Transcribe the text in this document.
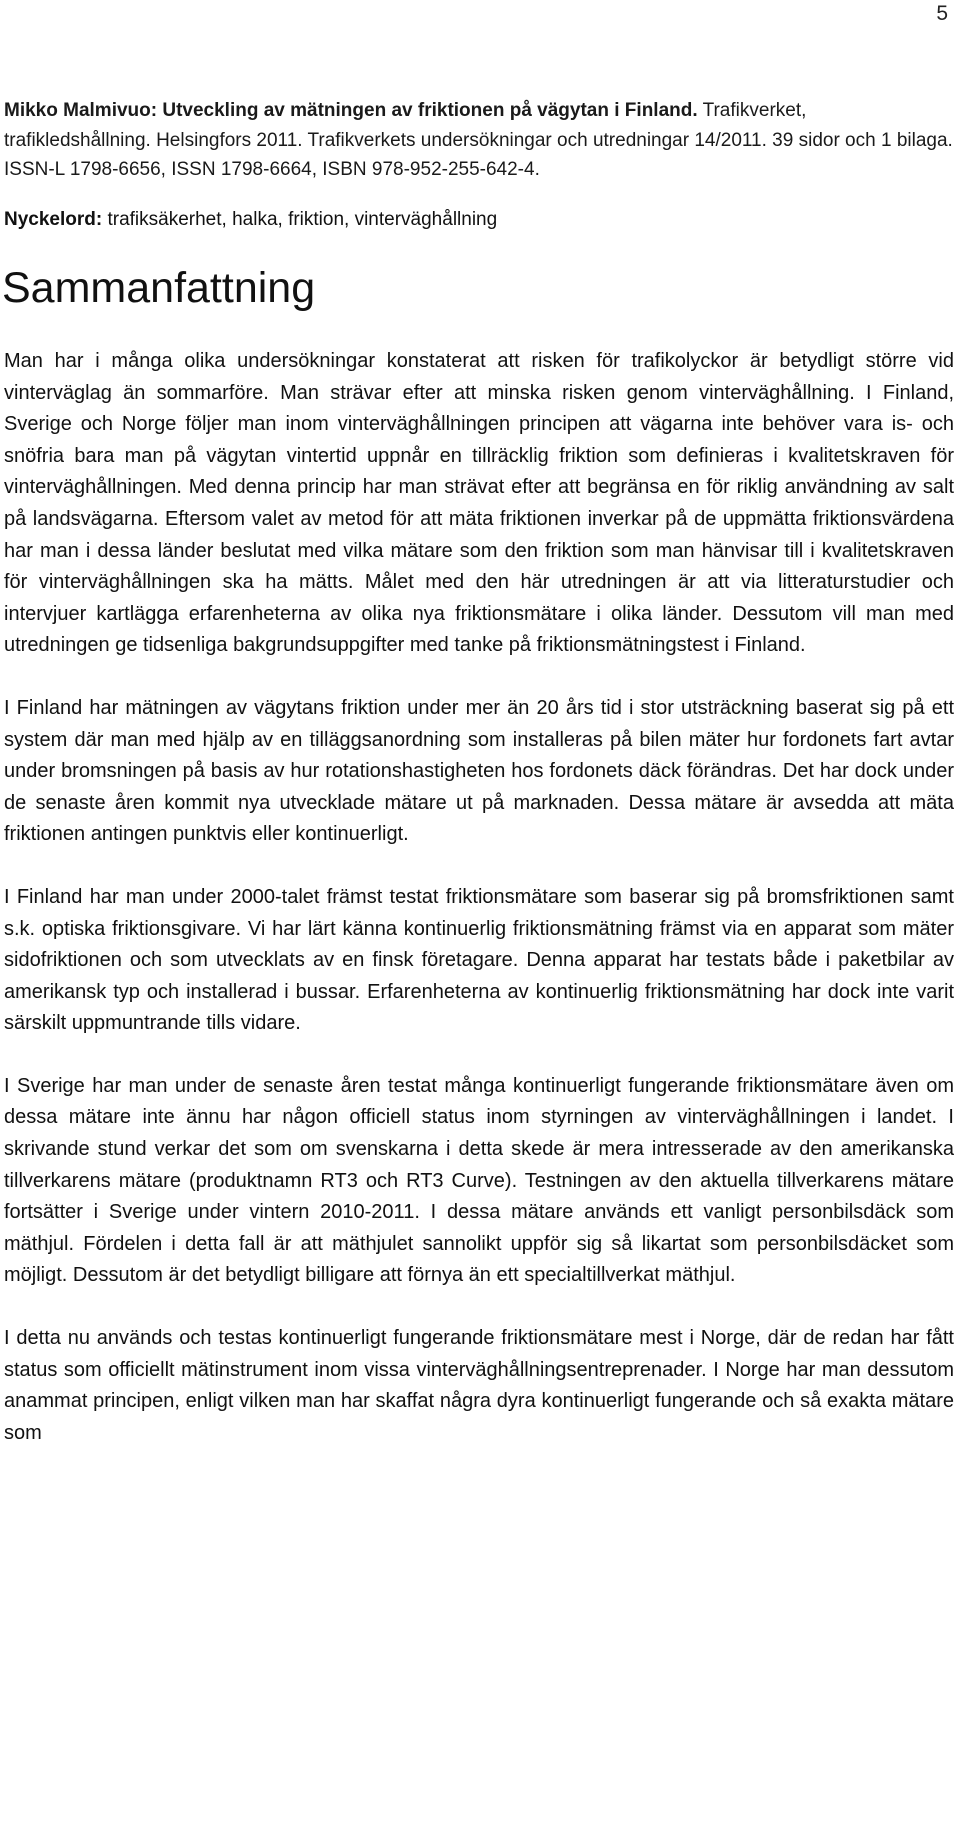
5
Mikko Malmivuo: Utveckling av mätningen av friktionen på vägytan i Finland. Trafikverket, trafikledshållning. Helsingfors 2011. Trafikverkets undersökningar och utredningar 14/2011. 39 sidor och 1 bilaga. ISSN-L 1798-6656, ISSN 1798-6664, ISBN 978-952-255-642-4.
Nyckelord: trafiksäkerhet, halka, friktion, vinterväghållning
Sammanfattning

Man har i många olika undersökningar konstaterat att risken för trafikolyckor är betydligt större vid vinterväglag än sommarföre. Man strävar efter att minska risken genom vinterväghållning. I Finland, Sverige och Norge följer man inom vinterväghållningen principen att vägarna inte behöver vara is- och snöfria bara man på vägytan vintertid uppnår en tillräcklig friktion som definieras i kvalitetskraven för vinterväghållningen. Med denna princip har man strävat efter att begränsa en för riklig användning av salt på landsvägarna. Eftersom valet av metod för att mäta friktionen inverkar på de uppmätta friktionsvärdena har man i dessa länder beslutat med vilka mätare som den friktion som man hänvisar till i kvalitetskraven för vinterväghållningen ska ha mätts. Målet med den här utredningen är att via litteraturstudier och intervjuer kartlägga erfarenheterna av olika nya friktionsmätare i olika länder. Dessutom vill man med utredningen ge tidsenliga bakgrundsuppgifter med tanke på friktionsmätningstest i Finland.

I Finland har mätningen av vägytans friktion under mer än 20 års tid i stor utsträckning baserat sig på ett system där man med hjälp av en tilläggsanordning som installeras på bilen mäter hur fordonets fart avtar under bromsningen på basis av hur rotationshastigheten hos fordonets däck förändras. Det har dock under de senaste åren kommit nya utvecklade mätare ut på marknaden. Dessa mätare är avsedda att mäta friktionen antingen punktvis eller kontinuerligt.

I Finland har man under 2000-talet främst testat friktionsmätare som baserar sig på bromsfriktionen samt s.k. optiska friktionsgivare. Vi har lärt känna kontinuerlig friktionsmätning främst via en apparat som mäter sidofriktionen och som utvecklats av en finsk företagare. Denna apparat har testats både i paketbilar av amerikansk typ och installerad i bussar. Erfarenheterna av kontinuerlig friktionsmätning har dock inte varit särskilt uppmuntrande tills vidare.

I Sverige har man under de senaste åren testat många kontinuerligt fungerande friktionsmätare även om dessa mätare inte ännu har någon officiell status inom styrningen av vinterväghållningen i landet. I skrivande stund verkar det som om svenskarna i detta skede är mera intresserade av den amerikanska tillverkarens mätare (produktnamn RT3 och RT3 Curve). Testningen av den aktuella tillverkarens mätare fortsätter i Sverige under vintern 2010-2011. I dessa mätare används ett vanligt personbilsdäck som mäthjul. Fördelen i detta fall är att mäthjulet sannolikt uppför sig så likartat som personbilsdäcket som möjligt. Dessutom är det betydligt billigare att förnya än ett specialtillverkat mäthjul.

I detta nu används och testas kontinuerligt fungerande friktionsmätare mest i Norge, där de redan har fått status som officiellt mätinstrument inom vissa vinterväghållningsentreprenader. I Norge har man dessutom anammat principen, enligt vilken man har skaffat några dyra kontinuerligt fungerande och så exakta mätare som
